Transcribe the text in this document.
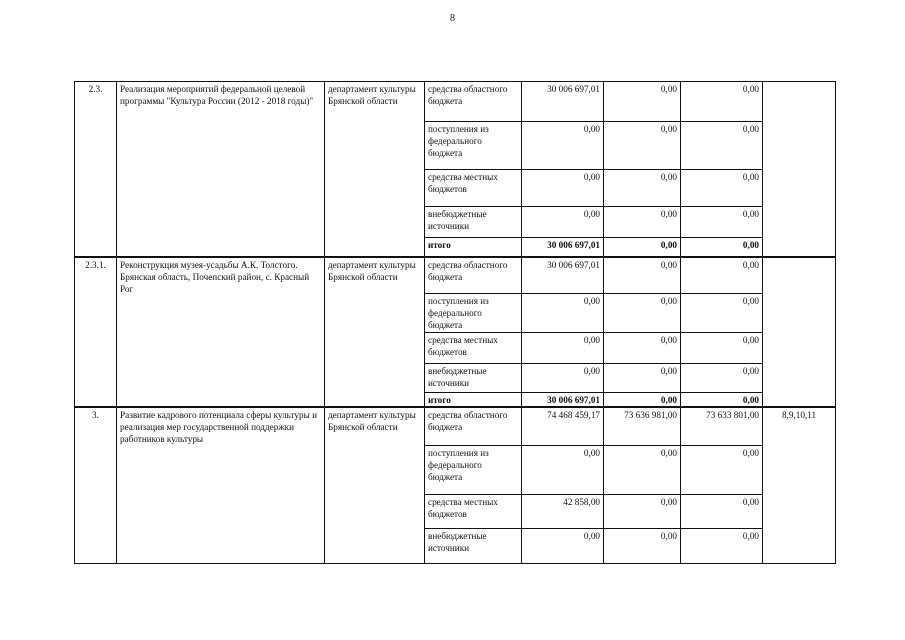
8
2.3.	Реализация мероприятий федеральной целевой программы "Культура России (2012 - 2018 годы)"	департамент культуры Брянской области	средства областного бюджета	30 006 697,01	0,00	0,00	
			поступления из федерального бюджета	0,00	0,00	0,00	
			средства местных бюджетов	0,00	0,00	0,00	
			внебюджетные источники	0,00	0,00	0,00	
			итого	30 006 697,01	0,00	0,00	
2.3.1.	Реконструкция музея-усадьбы А.К. Толстого. Брянская область, Почепский район, с. Красный Рог	департамент культуры Брянской области	средства областного бюджета	30 006 697,01	0,00	0,00	
			поступления из федерального бюджета	0,00	0,00	0,00	
			средства местных бюджетов	0,00	0,00	0,00	
			внебюджетные источники	0,00	0,00	0,00	
			итого	30 006 697,01	0,00	0,00	
3.	Развитие кадрового потенциала сферы культуры и реализация мер государственной поддержки работников культуры	департамент культуры Брянской области	средства областного бюджета	74 468 459,17	73 636 981,00	73 633 801,00	8,9,10,11
			поступления из федерального бюджета	0,00	0,00	0,00	
			средства местных бюджетов	42 858,00	0,00	0,00	
			внебюджетные источники	0,00	0,00	0,00	
